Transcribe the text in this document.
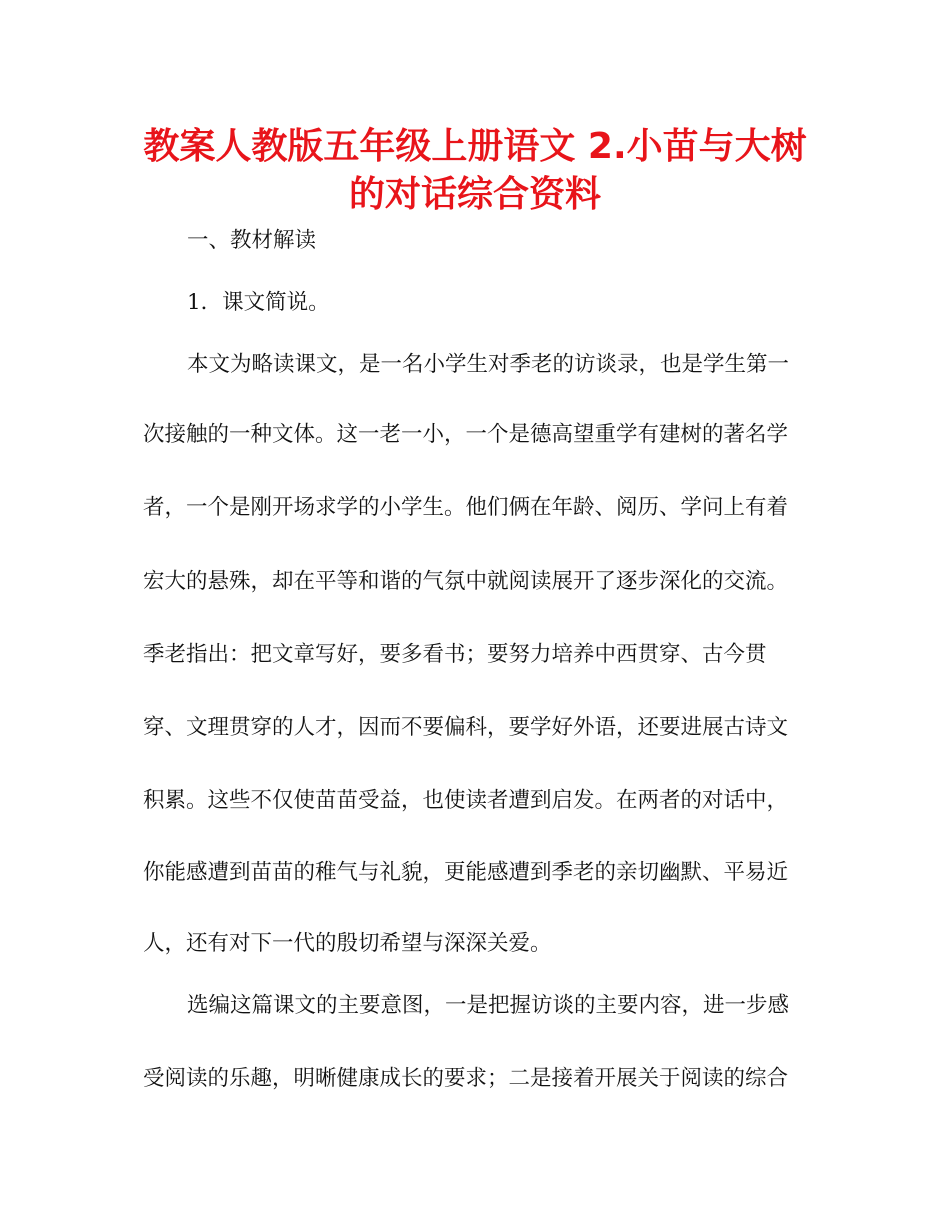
教案人教版五年级上册语文 2.小苗与大树
的对话综合资料
一、教材解读
1．课文简说。
本文为略读课文，是一名小学生对季老的访谈录，也是学生第一
次接触的一种文体。这一老一小，一个是德高望重学有建树的著名学
者，一个是刚开场求学的小学生。他们俩在年龄、阅历、学问上有着
宏大的悬殊，却在平等和谐的气氛中就阅读展开了逐步深化的交流。
季老指出：把文章写好，要多看书；要努力培养中西贯穿、古今贯
穿、文理贯穿的人才，因而不要偏科，要学好外语，还要进展古诗文
积累。这些不仅使苗苗受益，也使读者遭到启发。在两者的对话中，
你能感遭到苗苗的稚气与礼貌，更能感遭到季老的亲切幽默、平易近
人，还有对下一代的殷切希望与深深关爱。
选编这篇课文的主要意图，一是把握访谈的主要内容，进一步感
受阅读的乐趣，明晰健康成长的要求；二是接着开展关于阅读的综合
